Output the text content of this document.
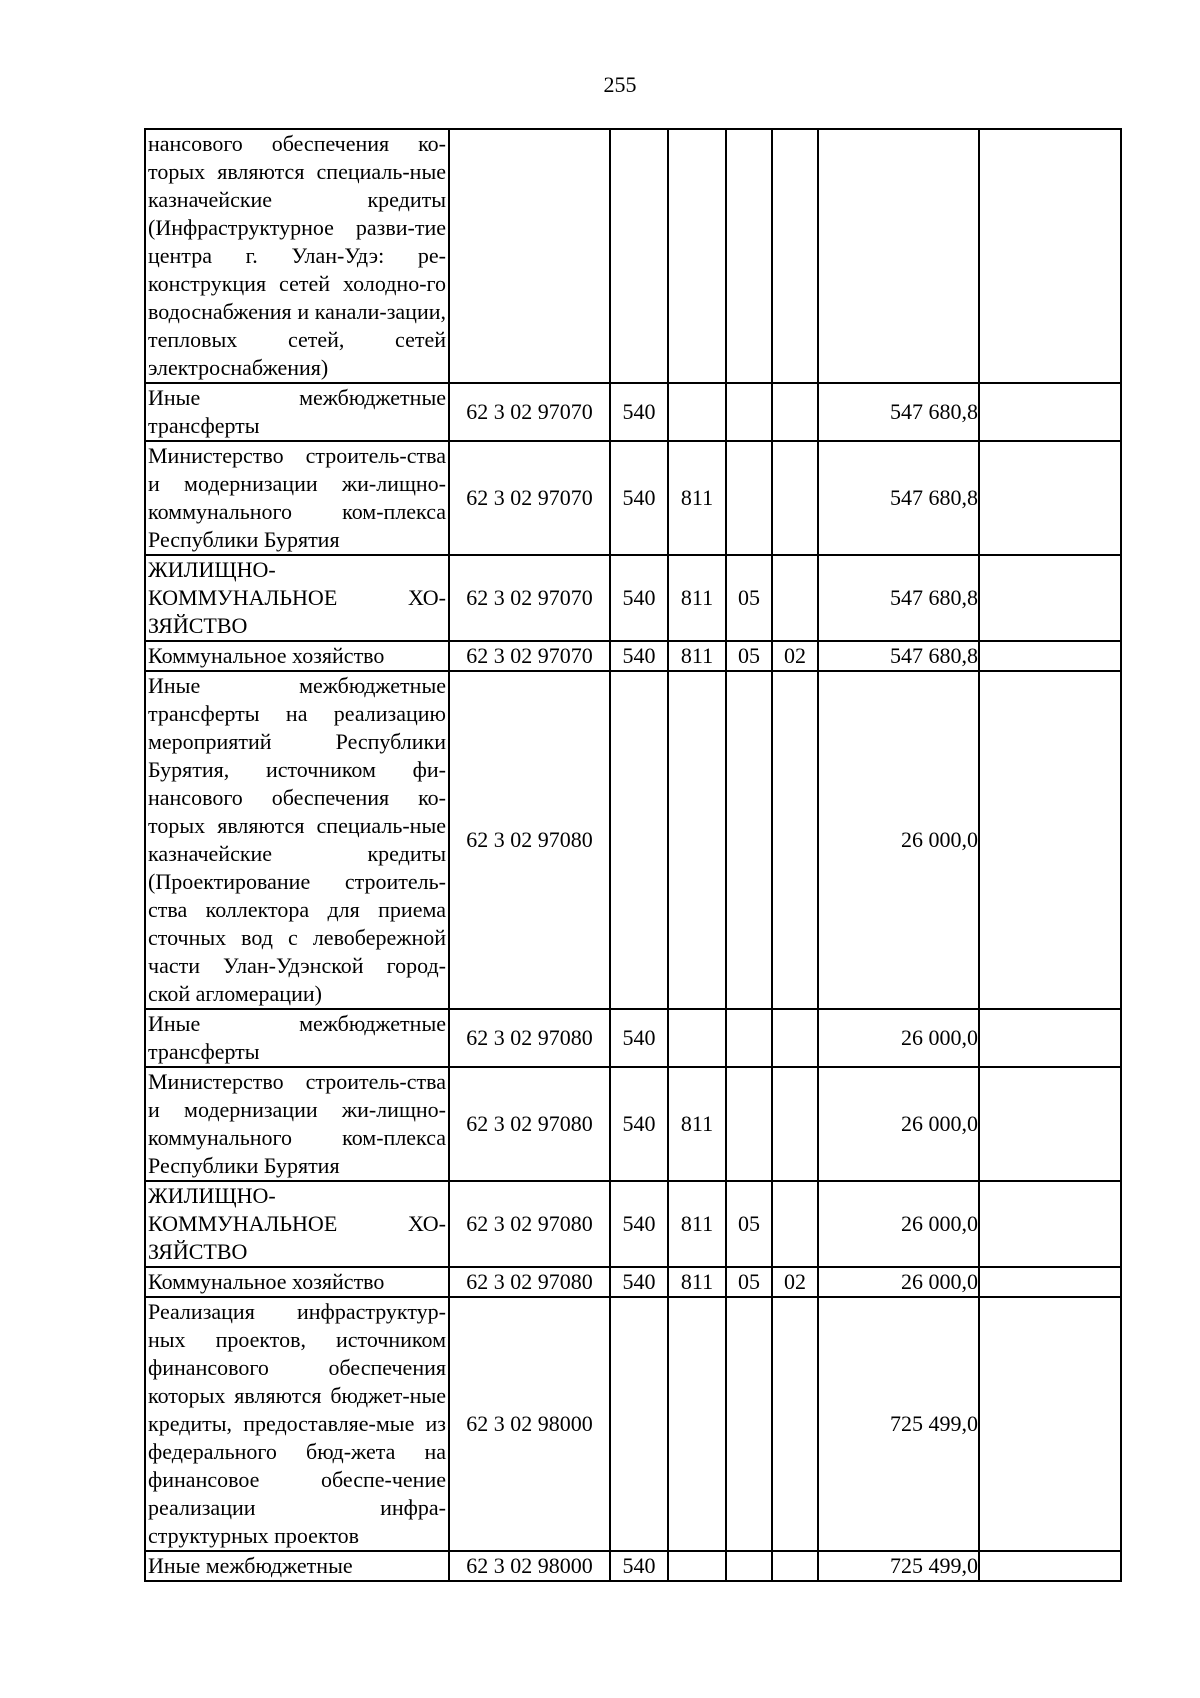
255
нансового обеспечения ко-торых являются специаль-ные казначейские кредиты (Инфраструктурное разви-тие центра г. Улан-Удэ: ре-конструкция сетей холодно-го водоснабжения и канали-зации, тепловых сетей, сетей электроснабжения)							
Иные межбюджетные трансферты	62 3 02 97070	540				547 680,8	
Министерство строитель-ства и модернизации жи-лищно-коммунального ком-плекса Республики Бурятия	62 3 02 97070	540	811			547 680,8	
ЖИЛИЩНО-КОММУНАЛЬНОЕ ХО-ЗЯЙСТВО	62 3 02 97070	540	811	05		547 680,8	
Коммунальное хозяйство	62 3 02 97070	540	811	05	02	547 680,8	
Иные межбюджетные трансферты на реализацию мероприятий Республики Бурятия, источником фи-нансового обеспечения ко-торых являются специаль-ные казначейские кредиты (Проектирование строитель-ства коллектора для приема сточных вод с левобережной части Улан-Удэнской город-ской агломерации)	62 3 02 97080					26 000,0	
Иные межбюджетные трансферты	62 3 02 97080	540				26 000,0	
Министерство строитель-ства и модернизации жи-лищно-коммунального ком-плекса Республики Бурятия	62 3 02 97080	540	811			26 000,0	
ЖИЛИЩНО-КОММУНАЛЬНОЕ ХО-ЗЯЙСТВО	62 3 02 97080	540	811	05		26 000,0	
Коммунальное хозяйство	62 3 02 97080	540	811	05	02	26 000,0	
Реализация инфраструктур-ных проектов, источником финансового обеспечения которых являются бюджет-ные кредиты, предоставляе-мые из федерального бюд-жета на финансовое обеспе-чение реализации инфра-структурных проектов	62 3 02 98000					725 499,0	
Иные межбюджетные	62 3 02 98000	540				725 499,0	
